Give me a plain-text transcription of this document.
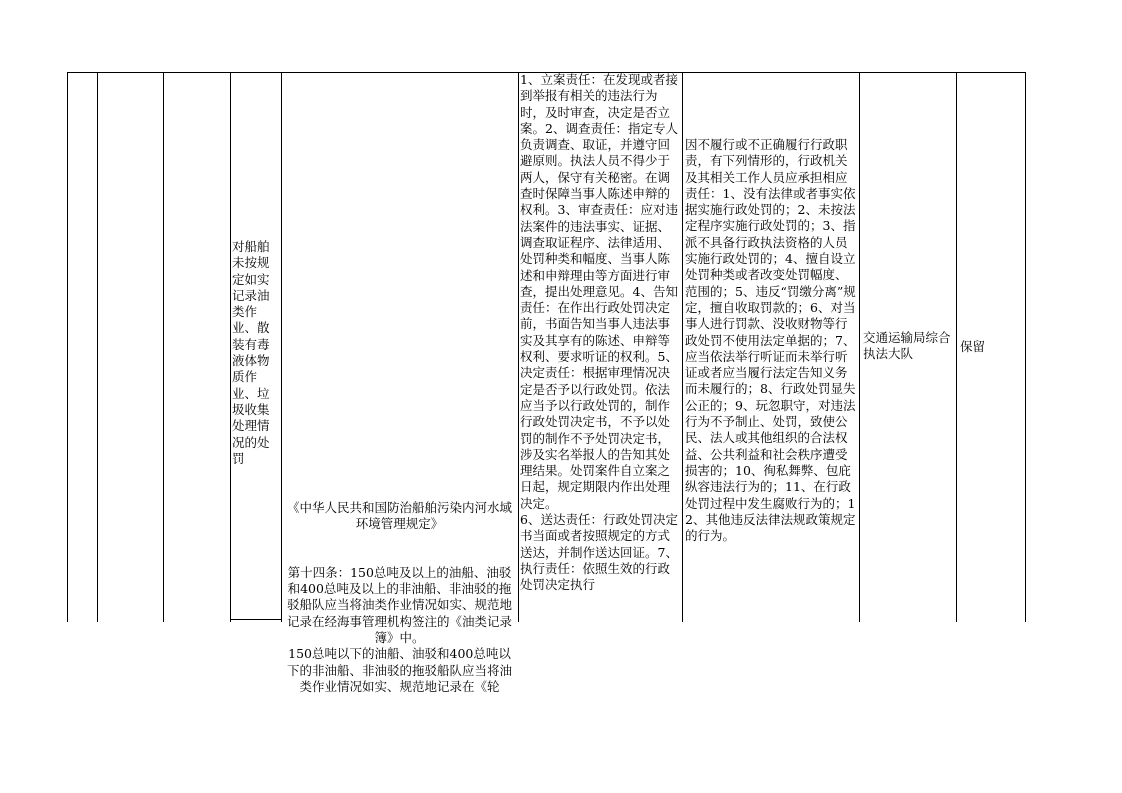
对船舶未按规定如实记录油类作业、散装有毒液体物质作业、垃圾收集处理情况的处罚

《中华人民共和国防治船舶污染内河水域环境管理规定》

第十四条：150总吨及以上的油船、油驳和400总吨及以上的非油船、非油驳的拖驳船队应当将油类作业情况如实、规范地记录在经海事管理机构签注的《油类记录簿》中。
150总吨以下的油船、油驳和400总吨以下的非油船、非油驳的拖驳船队应当将油类作业情况如实、规范地记录在《轮

1、立案责任：在发现或者接到举报有相关的违法行为时，及时审查，决定是否立案。2、调查责任：指定专人负责调查、取证，并遵守回避原则。执法人员不得少于两人，保守有关秘密。在调查时保障当事人陈述申辩的权利。3、审查责任：应对违法案件的违法事实、证据、调查取证程序、法律适用、处罚种类和幅度、当事人陈述和申辩理由等方面进行审查，提出处理意见。4、告知责任：在作出行政处罚决定前，书面告知当事人违法事实及其享有的陈述、申辩等权利、要求听证的权利。5、决定责任：根据审理情况决定是否予以行政处罚。依法应当予以行政处罚的，制作行政处罚决定书，不予以处罚的制作不予处罚决定书，涉及实名举报人的告知其处理结果。处罚案件自立案之日起，规定期限内作出处理决定。
6、送达责任：行政处罚决定书当面或者按照规定的方式送达，并制作送达回证。7、执行责任：依照生效的行政处罚决定执行
因不履行或不正确履行行政职责，有下列情形的，行政机关及其相关工作人员应承担相应责任：1、没有法律或者事实依据实施行政处罚的；2、未按法定程序实施行政处罚的；3、指派不具备行政执法资格的人员实施行政处罚的；4、擅自设立处罚种类或者改变处罚幅度、范围的；5、违反“罚缴分离”规定，擅自收取罚款的；6、对当事人进行罚款、没收财物等行政处罚不使用法定单据的；7、应当依法举行听证而未举行听证或者应当履行法定告知义务而未履行的；8、行政处罚显失公正的；9、玩忽职守，对违法行为不予制止、处罚，致使公民、法人或其他组织的合法权益、公共利益和社会秩序遭受损害的；10、徇私舞弊、包庇纵容违法行为的；11、在行政处罚过程中发生腐败行为的；12、其他违反法律法规政策规定的行为。
交通运输局综合执法大队	保留
